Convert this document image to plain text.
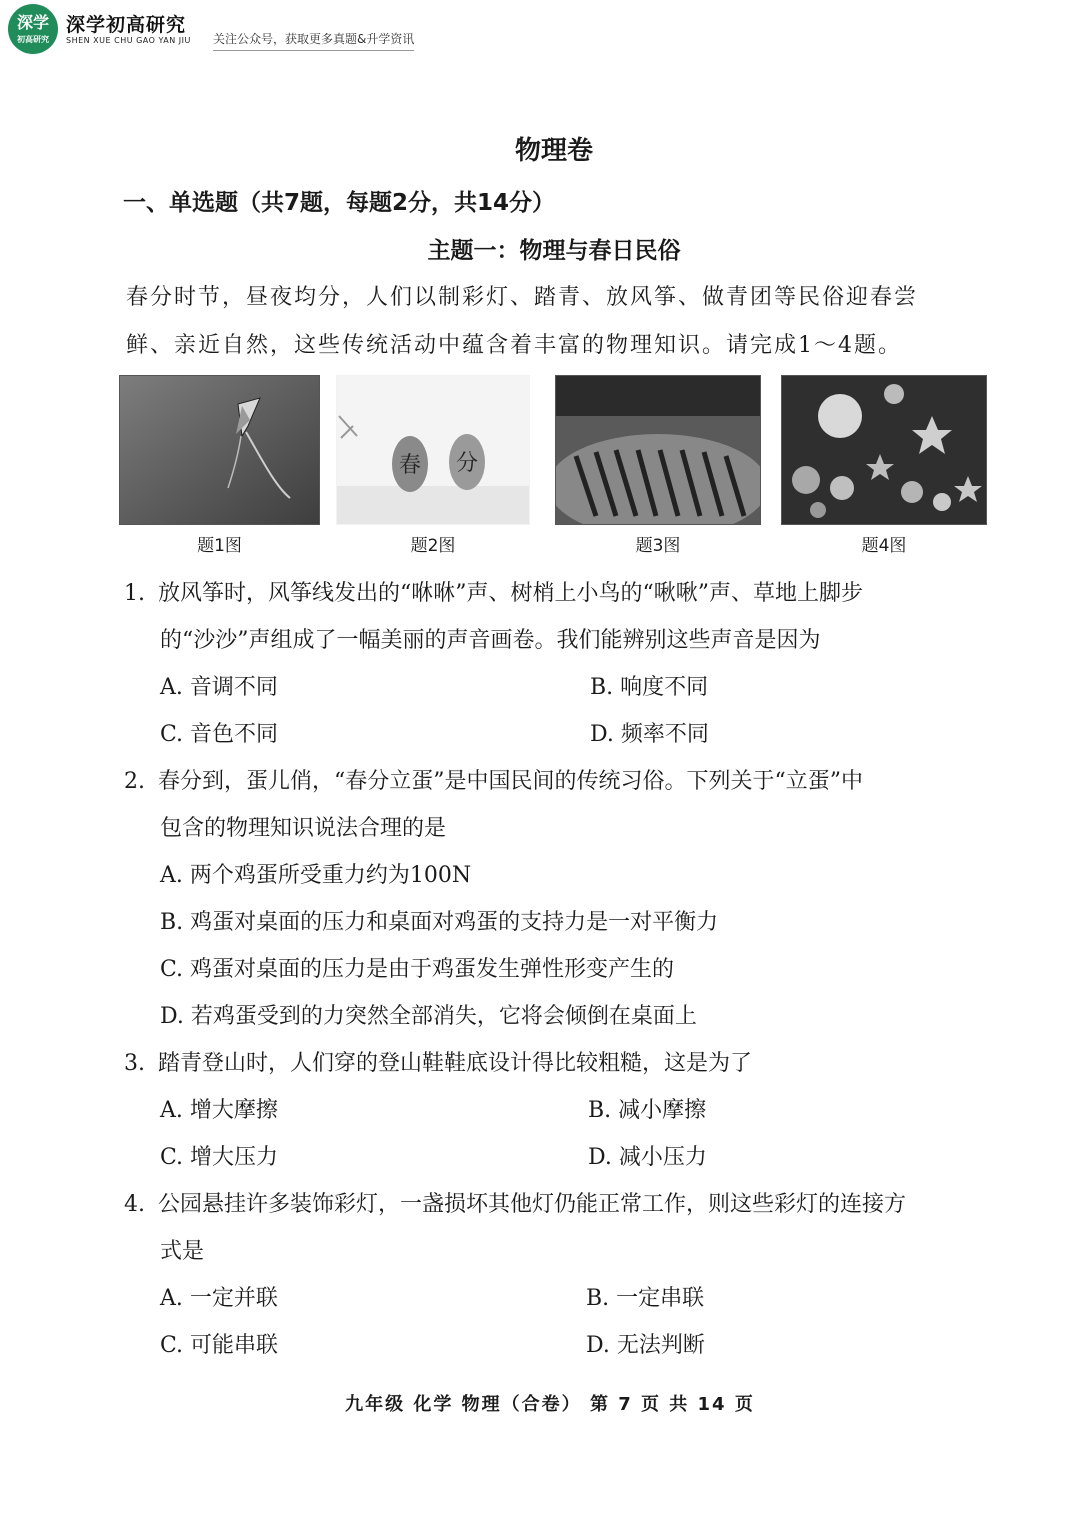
深学
初高研究
深学初高研究
SHEN XUE CHU GAO YAN JIU 关注公众号，获取更多真题&升学资讯
物理卷
一、单选题（共7题，每题2分，共14分）
主题一：物理与春日民俗
春分时节，昼夜均分，人们以制彩灯、踏青、放风筝、做青团等民俗迎春尝
鲜、亲近自然，这些传统活动中蕴含着丰富的物理知识。请完成1～4题。
题1图
春 分
题2图	题3图	题4图
1. 放风筝时，风筝线发出的“咻咻”声、树梢上小鸟的“啾啾”声、草地上脚步
的“沙沙”声组成了一幅美丽的声音画卷。我们能辨别这些声音是因为
A. 音调不同	B. 响度不同
C. 音色不同	D. 频率不同
2. 春分到，蛋儿俏，“春分立蛋”是中国民间的传统习俗。下列关于“立蛋”中
包含的物理知识说法合理的是
A. 两个鸡蛋所受重力约为100N
B. 鸡蛋对桌面的压力和桌面对鸡蛋的支持力是一对平衡力
C. 鸡蛋对桌面的压力是由于鸡蛋发生弹性形变产生的
D. 若鸡蛋受到的力突然全部消失，它将会倾倒在桌面上
3. 踏青登山时，人们穿的登山鞋鞋底设计得比较粗糙，这是为了
A. 增大摩擦	B. 减小摩擦
C. 增大压力	D. 减小压力
4. 公园悬挂许多装饰彩灯，一盏损坏其他灯仍能正常工作，则这些彩灯的连接方
式是
A. 一定并联	B. 一定串联
C. 可能串联	D. 无法判断
九年级 化学 物理（合卷） 第 7 页 共 14 页
